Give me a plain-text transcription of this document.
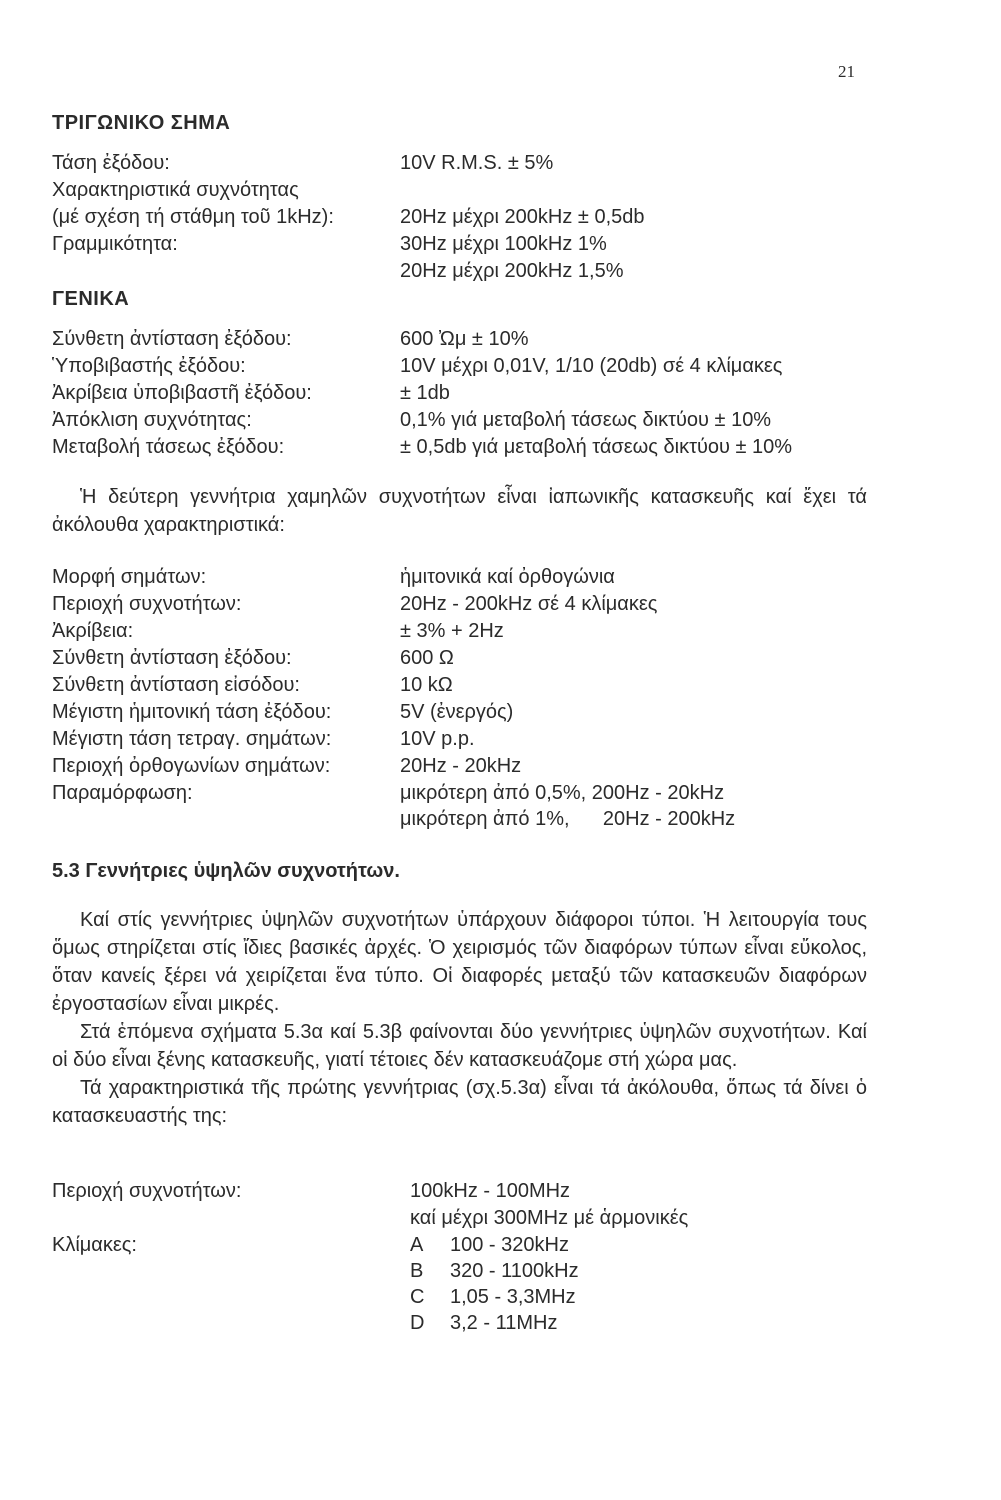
21
ΤΡΙΓΩΝΙΚΟ ΣΗΜΑ
Τάση ἐξόδου:	10V R.M.S. ± 5%
Χαρακτηριστικά συχνότητας
(μέ σχέση τή στάθμη τοῦ 1kHz):	20Hz μέχρι 200kHz ± 0,5db
Γραμμικότητα:	30Hz μέχρι 100kHz 1%
20Hz μέχρι 200kHz 1,5%
ΓΕΝΙΚΑ
Σύνθετη ἀντίσταση ἐξόδου:	600 Ὠμ ± 10%
Ὑποβιβαστής ἐξόδου:	10V μέχρι 0,01V, 1/10 (20db) σέ 4 κλίμακες
Ἀκρίβεια ὑποβιβαστῆ ἐξόδου:	± 1db
Ἀπόκλιση συχνότητας:	0,1% γιά μεταβολή τάσεως δικτύου ± 10%
Μεταβολή τάσεως ἐξόδου:	± 0,5db γιά μεταβολή τάσεως δικτύου ± 10%

Ἡ δεύτερη γεννήτρια χαμηλῶν συχνοτήτων εἶναι ἰαπωνικῆς κατασκευῆς καί ἔχει τά ἀκόλουθα χαρακτηριστικά:

Μορφή σημάτων:	ἡμιτονικά καί ὀρθογώνια
Περιοχή συχνοτήτων:	20Hz - 200kHz σέ 4 κλίμακες
Ἀκρίβεια:	± 3% + 2Hz
Σύνθετη ἀντίσταση ἐξόδου:	600 Ω
Σύνθετη ἀντίσταση εἰσόδου:	10 kΩ
Μέγιστη ἡμιτονική τάση ἐξόδου:	5V (ἐνεργός)
Μέγιστη τάση τετραγ. σημάτων:	10V p.p.
Περιοχή ὀρθογωνίων σημάτων:	20Hz - 20kHz
Παραμόρφωση:	μικρότερη ἀπό 0,5%, 200Hz - 20kHz
μικρότερη ἀπό 1%,      20Hz - 200kHz
5.3 Γεννήτριες ὑψηλῶν συχνοτήτων.

Καί στίς γεννήτριες ὑψηλῶν συχνοτήτων ὑπάρχουν διάφοροι τύποι. Ἡ λειτουργία τους ὅμως στηρίζεται στίς ἴδιες βασικές ἀρχές. Ὁ χειρισμός τῶν διαφόρων τύπων εἶναι εὔκολος, ὅταν κανείς ξέρει νά χειρίζεται ἕνα τύπο. Οἱ διαφορές μεταξύ τῶν κατασκευῶν διαφόρων ἐργοστασίων εἶναι μικρές.

Στά ἑπόμενα σχήματα 5.3α καί 5.3β φαίνονται δύο γεννήτριες ὑψηλῶν συχνοτήτων. Καί οἱ δύο εἶναι ξένης κατασκευῆς, γιατί τέτοιες δέν κατασκευάζομε στή χώρα μας.

Τά χαρακτηριστικά τῆς πρώτης γεννήτριας (σχ.5.3α) εἶναι τά ἀκόλουθα, ὅπως τά δίνει ὁ κατασκευαστής της:

Περιοχή συχνοτήτων:	100kHz - 100MHz
καί μέχρι 300MHz μέ ἁρμονικές
Κλίμακες:	A	100 - 320kHz
B	320 - 1100kHz
C	1,05 - 3,3MHz
D	3,2 - 11MHz
